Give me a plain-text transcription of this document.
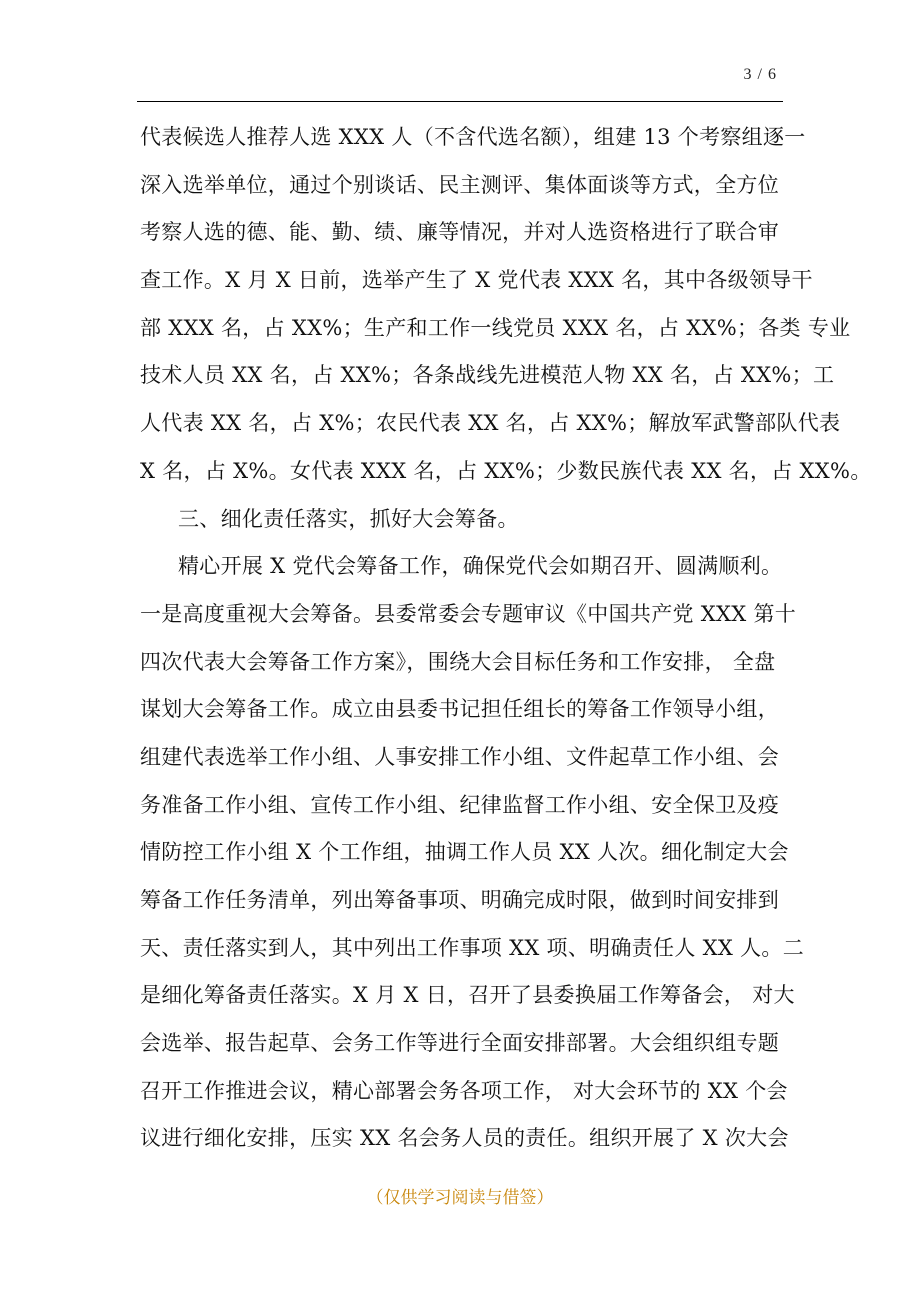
3 / 6
代表候选人推荐人选 XXX 人（不含代选名额），组建 13 个考察组逐一
深入选举单位，通过个别谈话、民主测评、集体面谈等方式，全方位
考察人选的德、能、勤、绩、廉等情况，并对人选资格进行了联合审
查工作。X 月 X 日前，选举产生了 X 党代表 XXX 名，其中各级领导干
部 XXX 名，占 XX%；生产和工作一线党员 XXX 名，占 XX%；各类 专业
技术人员 XX 名，占 XX%；各条战线先进模范人物 XX 名，占 XX%；工
人代表 XX 名，占 X%；农民代表 XX 名，占 XX%；解放军武警部队代表
X 名，占 X%。女代表 XXX 名，占 XX%；少数民族代表 XX 名，占 XX%。
三、细化责任落实，抓好大会筹备。
精心开展 X 党代会筹备工作，确保党代会如期召开、圆满顺利。
一是高度重视大会筹备。县委常委会专题审议《中国共产党 XXX 第十
四次代表大会筹备工作方案》，围绕大会目标任务和工作安排， 全盘
谋划大会筹备工作。成立由县委书记担任组长的筹备工作领导小组，
组建代表选举工作小组、人事安排工作小组、文件起草工作小组、会
务准备工作小组、宣传工作小组、纪律监督工作小组、安全保卫及疫
情防控工作小组 X 个工作组，抽调工作人员 XX 人次。细化制定大会
筹备工作任务清单，列出筹备事项、明确完成时限，做到时间安排到
天、责任落实到人，其中列出工作事项 XX 项、明确责任人 XX 人。二
是细化筹备责任落实。X 月 X 日，召开了县委换届工作筹备会， 对大
会选举、报告起草、会务工作等进行全面安排部署。大会组织组专题
召开工作推进会议，精心部署会务各项工作， 对大会环节的 XX 个会
议进行细化安排，压实 XX 名会务人员的责任。组织开展了 X 次大会
（仅供学习阅读与借签）
